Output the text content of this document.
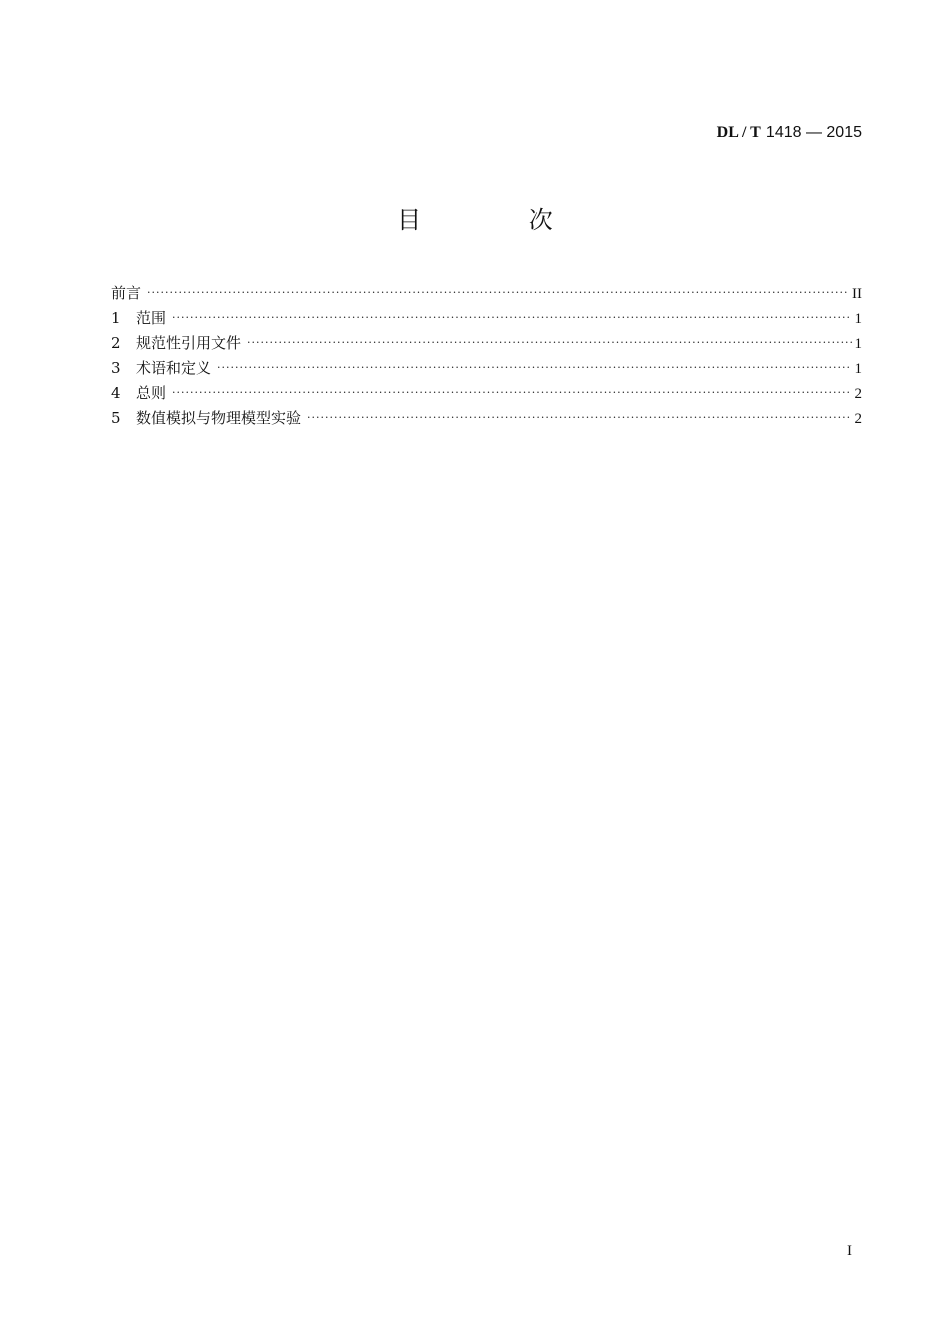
DL / T 1418 — 2015
目 次
前言 ·····	II
1	范围 ·····	1
2	规范性引用文件 ·····	1
3	术语和定义 ·····	1
4	总则 ·····	2
5	数值模拟与物理模型实验 ·····	2
I
